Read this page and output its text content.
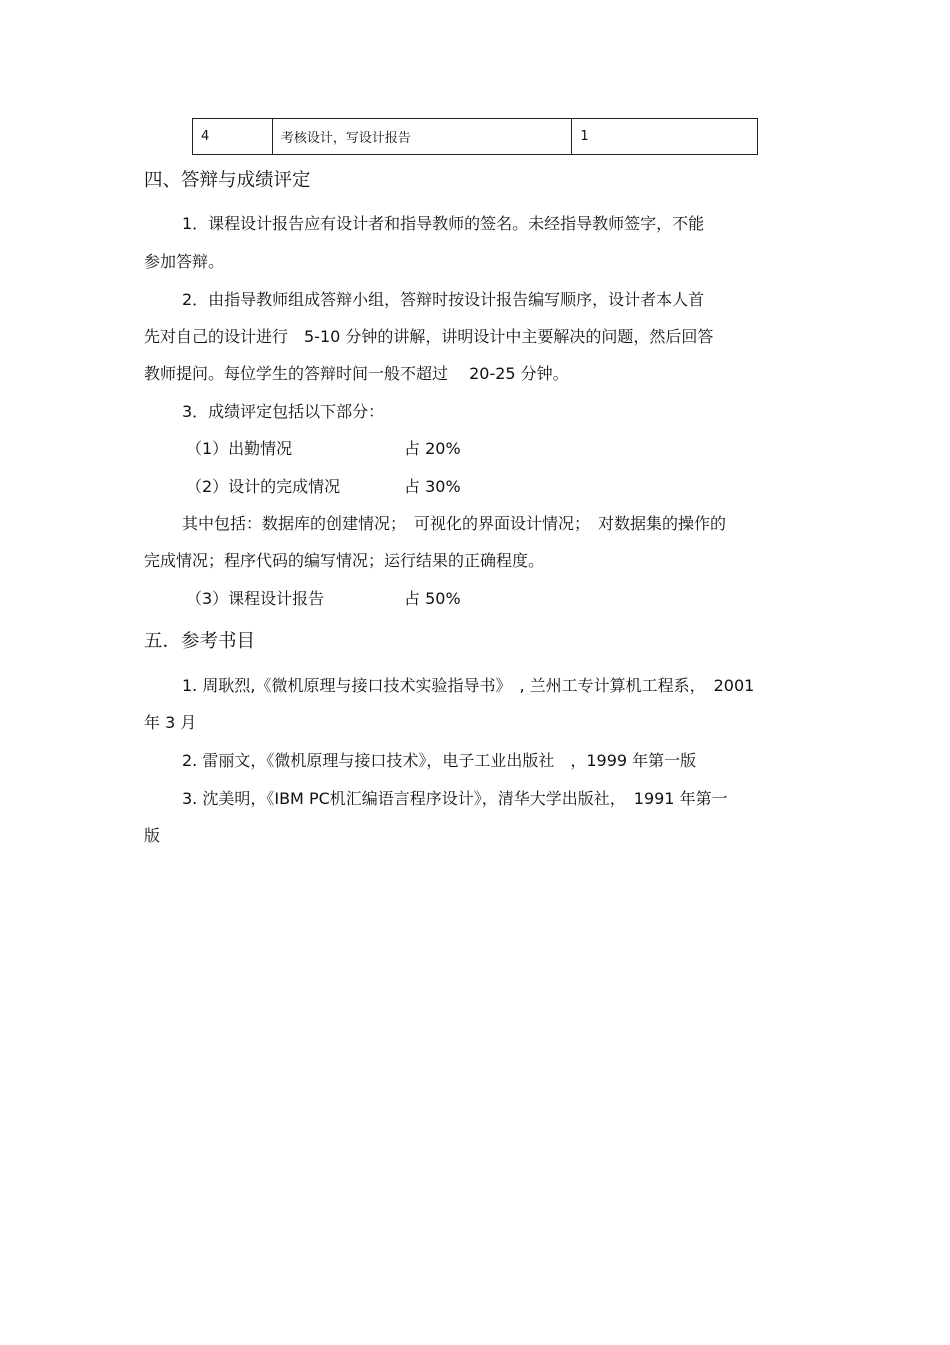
4	考核设计，写设计报告	1
四、答辩与成绩评定
1．课程设计报告应有设计者和指导教师的签名。未经指导教师签字，不能
参加答辩。
2．由指导教师组成答辩小组，答辩时按设计报告编写顺序，设计者本人首
先对自己的设计进行　5-10 分钟的讲解，讲明设计中主要解决的问题，然后回答
教师提问。每位学生的答辩时间一般不超过　 20-25 分钟。
3．成绩评定包括以下部分：
（1）出勤情况	占 20%
（2）设计的完成情况	占 30%
其中包括：数据库的创建情况；　可视化的界面设计情况；　对数据集的操作的
完成情况；程序代码的编写情况；运行结果的正确程度。
（3）课程设计报告	占 50%
五．参考书目
1. 周耿烈,《微机原理与接口技术实验指导书》　, 兰州工专计算机工程系，　2001
年 3 月
2. 雷丽文，《微机原理与接口技术》，电子工业出版社　，1999 年第一版
3. 沈美明，《IBM PC机汇编语言程序设计》，清华大学出版社，　1991 年第一
版
